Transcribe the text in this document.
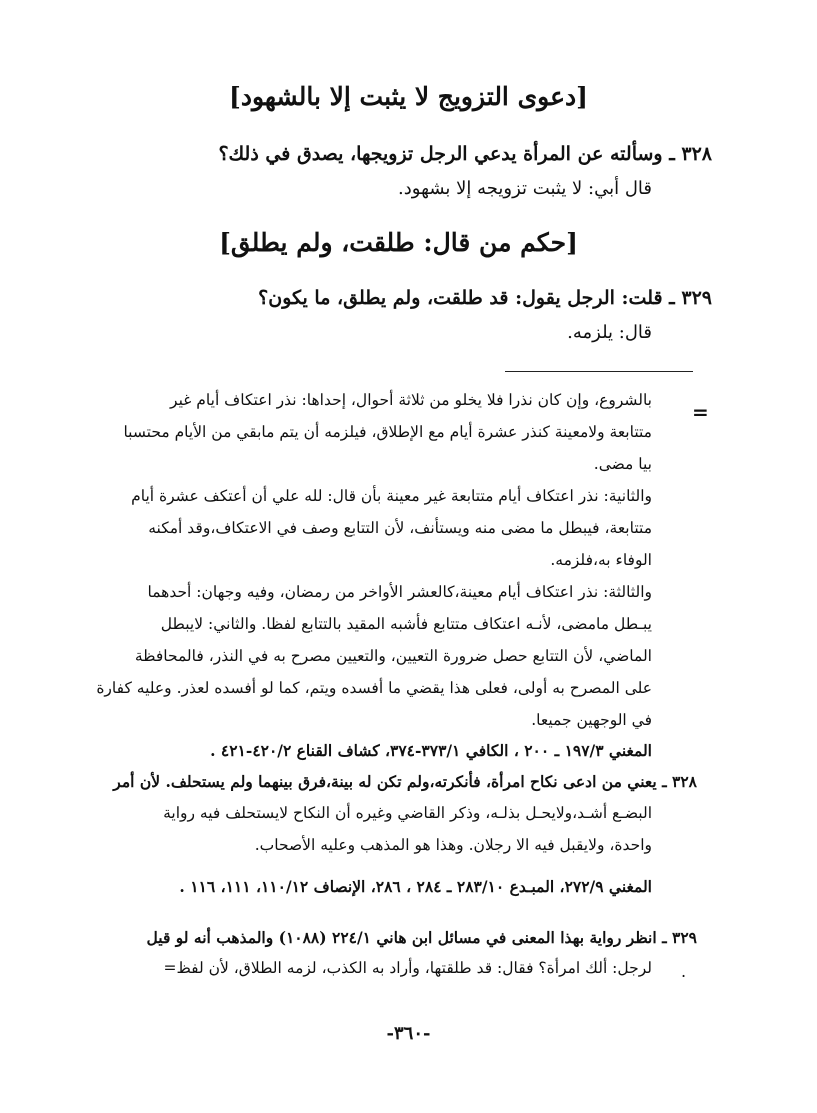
[دعوى التزويج لا يثبت إلا بالشهود]
٣٢٨ ـ وسألته عن المرأة يدعي الرجل تزويجها، يصدق في ذلك؟
قال أبي: لا يثبت تزويجه إلا بشهود.
[حكم من قال: طلقت، ولم يطلق]
٣٢٩ ـ قلت: الرجل يقول: قد طلقت، ولم يطلق، ما يكون؟
قال: يلزمه.
=
بالشروع، وإن كان نذرا فلا يخلو من ثلاثة أحوال، إحداها: نذر اعتكاف أيام غير
متتابعة ولامعينة كنذر عشرة أيام مع الإطلاق، فيلزمه أن يتم مابقي من الأيام محتسبا
بيا مضى.
والثانية: نذر اعتكاف أيام متتابعة غير معينة بأن قال: لله علي أن أعتكف عشرة أيام
متتابعة، فيبطل ما مضى منه ويستأنف، لأن التتابع وصف في الاعتكاف،وقد أمكنه
الوفاء به،فلزمه.
والثالثة: نذر اعتكاف أيام معينة،كالعشر الأواخر من رمضان، وفيه وجهان: أحدهما
يبـطل مامضى، لأنـه اعتكاف متتابع فأشبه المقيد بالتتابع لفظا. والثاني: لايبطل
الماضي، لأن التتابع حصل ضرورة التعيين، والتعيين مصرح به في النذر، فالمحافظة
على المصرح به أولى، فعلى هذا يقضي ما أفسده ويتم، كما لو أفسده لعذر. وعليه كفارة
في الوجهين جميعا.
المغني ١٩٧/٣ ـ ٢٠٠ ، الكافي ٣٧٣/١-٣٧٤، كشاف القناع ٤٢٠/٢-٤٢١ .
٣٢٨ ـ يعني من ادعى نكاح امرأة، فأنكرته،ولم تكن له بينة،فرق بينهما ولم يستحلف. لأن أمر
البضـع أشـد،ولايحـل بذلـه، وذكر القاضي وغيره أن النكاح لايستحلف فيه رواية
واحدة، ولايقبل فيه الا رجلان. وهذا هو المذهب وعليه الأصحاب.
المغني ٢٧٢/٩، المبـدع ٢٨٣/١٠ ـ ٢٨٤ ، ٢٨٦، الإنصاف ١١٠/١٢، ١١١، ١١٦ .
٣٢٩ ـ انظر رواية بهذا المعنى في مسائل ابن هاني ٢٢٤/١ (١٠٨٨) والمذهب أنه لو قيل
لرجل: ألك امرأة؟ فقال: قد طلقتها، وأراد به الكذب، لزمه الطلاق، لأن لفظ= .
-٣٦٠-
